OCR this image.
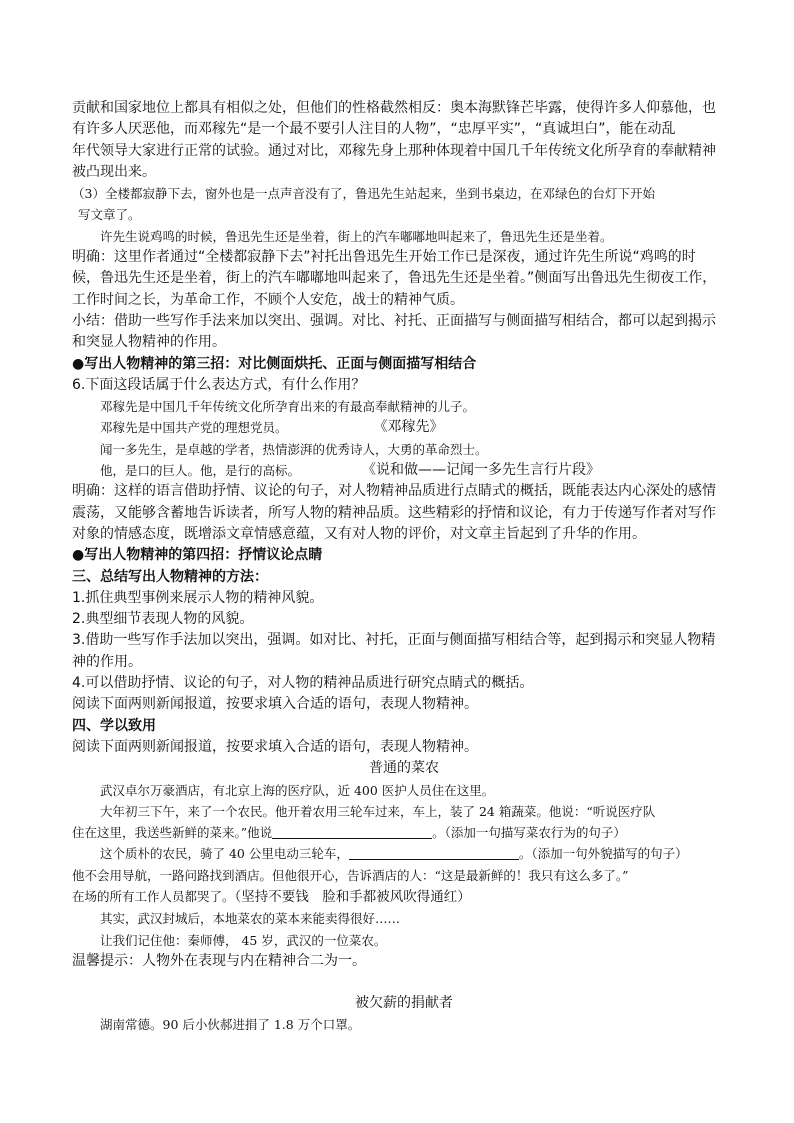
贡献和国家地位上都具有相似之处，但他们的性格截然相反：奥本海默锋芒毕露，使得许多人仰慕他，也

有许多人厌恶他，而邓稼先“是一个最不要引人注目的人物”，“忠厚平实”，“真诚坦白”，能在动乱

年代领导大家进行正常的试验。通过对比，邓稼先身上那种体现着中国几千年传统文化所孕育的奉献精神

被凸现出来。

（3）全楼都寂静下去，窗外也是一点声音没有了，鲁迅先生站起来，坐到书桌边，在邓绿色的台灯下开始

写文章了。

许先生说鸡鸣的时候，鲁迅先生还是坐着，街上的汽车嘟嘟地叫起来了，鲁迅先生还是坐着。

明确：这里作者通过“全楼都寂静下去”衬托出鲁迅先生开始工作已是深夜，通过许先生所说“鸡鸣的时

候，鲁迅先生还是坐着，街上的汽车嘟嘟地叫起来了，鲁迅先生还是坐着。”侧面写出鲁迅先生彻夜工作，

工作时间之长，为革命工作，不顾个人安危，战士的精神气质。

小结：借助一些写作手法来加以突出、强调。对比、衬托、正面描写与侧面描写相结合，都可以起到揭示

和突显人物精神的作用。

●写出人物精神的第三招：对比侧面烘托、正面与侧面描写相结合

6.下面这段话属于什么表达方式，有什么作用？

邓稼先是中国几千年传统文化所孕育出来的有最高奉献精神的儿子。

邓稼先是中国共产党的理想党员。	《邓稼先》

闻一多先生，是卓越的学者，热情澎湃的优秀诗人，大勇的革命烈士。

他，是口的巨人。他，是行的高标。	《说和做——记闻一多先生言行片段》

明确：这样的语言借助抒情、议论的句子，对人物精神品质进行点睛式的概括，既能表达内心深处的感情

震荡，又能够含蓄地告诉读者，所写人物的精神品质。这些精彩的抒情和议论，有力于传递写作者对写作

对象的情感态度，既增添文章情感意蕴，又有对人物的评价，对文章主旨起到了升华的作用。

●写出人物精神的第四招：抒情议论点睛

三、总结写出人物精神的方法：

1.抓住典型事例来展示人物的精神风貌。

2.典型细节表现人物的风貌。

3.借助一些写作手法加以突出，强调。如对比、衬托，正面与侧面描写相结合等，起到揭示和突显人物精

神的作用。

4.可以借助抒情、议论的句子，对人物的精神品质进行研究点睛式的概括。

阅读下面两则新闻报道，按要求填入合适的语句，表现人物精神。

四、学以致用

阅读下面两则新闻报道，按要求填入合适的语句，表现人物精神。

普通的菜农

武汉卓尔万豪酒店，有北京上海的医疗队，近 400 医护人员住在这里。

大年初三下午，来了一个农民。他开着农用三轮车过来，车上，装了 24 箱蔬菜。他说：“听说医疗队

住在这里，我送些新鲜的菜来。”他说	。（添加一句描写菜农行为的句子）

这个质朴的农民，骑了 40 公里电动三轮车，	。（添加一句外貌描写的句子）

他不会用导航，一路问路找到酒店。但他很开心，告诉酒店的人：“这是最新鲜的！我只有这么多了。”

在场的所有工作人员都哭了。（坚持不要钱　脸和手都被风吹得通红）

其实，武汉封城后，本地菜农的菜本来能卖得很好……

让我们记住他：秦师傅， 45 岁，武汉的一位菜农。

温馨提示：人物外在表现与内在精神合二为一。

被欠薪的捐献者

湖南常德。90 后小伙郝进捐了 1.8 万个口罩。
